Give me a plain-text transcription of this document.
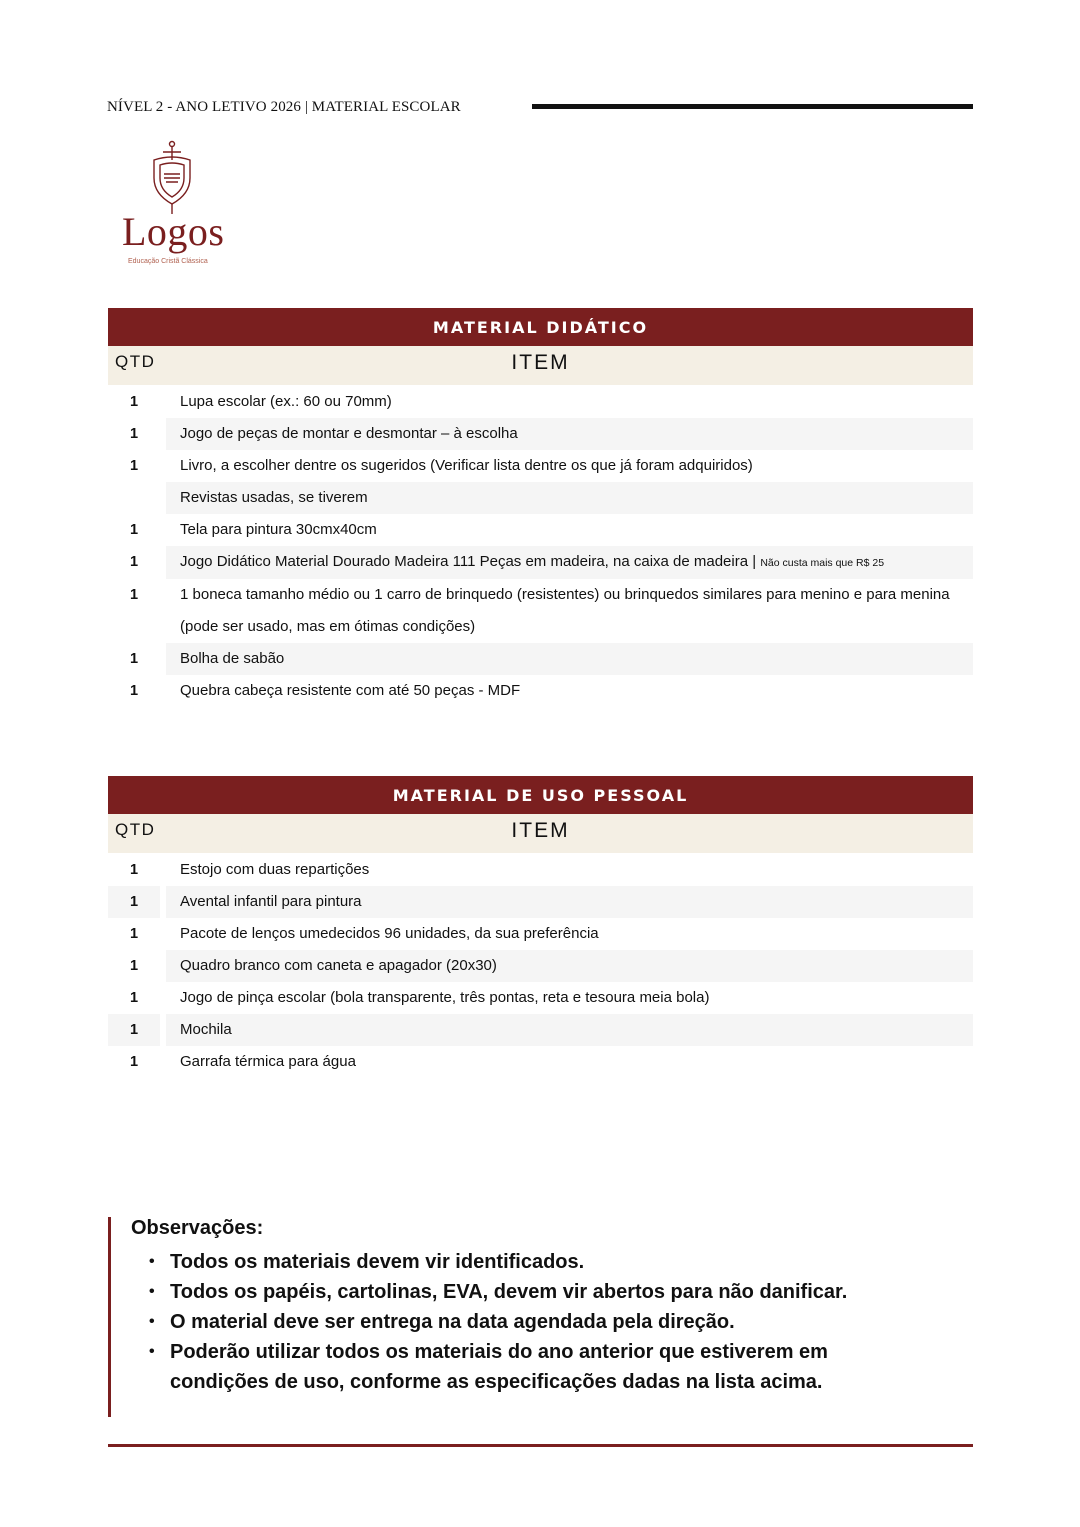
NÍVEL 2 - ANO LETIVO 2026 | MATERIAL ESCOLAR
Logos
Educação Cristã Clássica
MATERIAL DIDÁTICO
QTD	ITEM
1	Lupa escolar (ex.: 60 ou 70mm)
1	Jogo de peças de montar e desmontar – à escolha
1	Livro, a escolher dentre os sugeridos (Verificar lista dentre os que já foram adquiridos)
Revistas usadas, se tiverem
1	Tela para pintura 30cmx40cm
1	Jogo Didático Material Dourado Madeira 111 Peças em madeira, na caixa de madeira | Não custa mais que R$ 25
1	1 boneca tamanho médio ou 1 carro de brinquedo (resistentes) ou brinquedos similares para menino e para menina (pode ser usado, mas em ótimas condições)
1	Bolha de sabão
1	Quebra cabeça resistente com até 50 peças - MDF
MATERIAL DE USO PESSOAL
QTD	ITEM
1	Estojo com duas repartições
1	Avental infantil para pintura
1	Pacote de lenços umedecidos 96 unidades, da sua preferência
1	Quadro branco com caneta e apagador (20x30)
1	Jogo de pinça escolar (bola transparente, três pontas, reta e tesoura meia bola)
1	Mochila
1	Garrafa térmica para água
Observações:
• Todos os materiais devem vir identificados.
• Todos os papéis, cartolinas, EVA, devem vir abertos para não danificar.
• O material deve ser entrega na data agendada pela direção.
• Poderão utilizar todos os materiais do ano anterior que estiverem em condições de uso, conforme as especificações dadas na lista acima.
